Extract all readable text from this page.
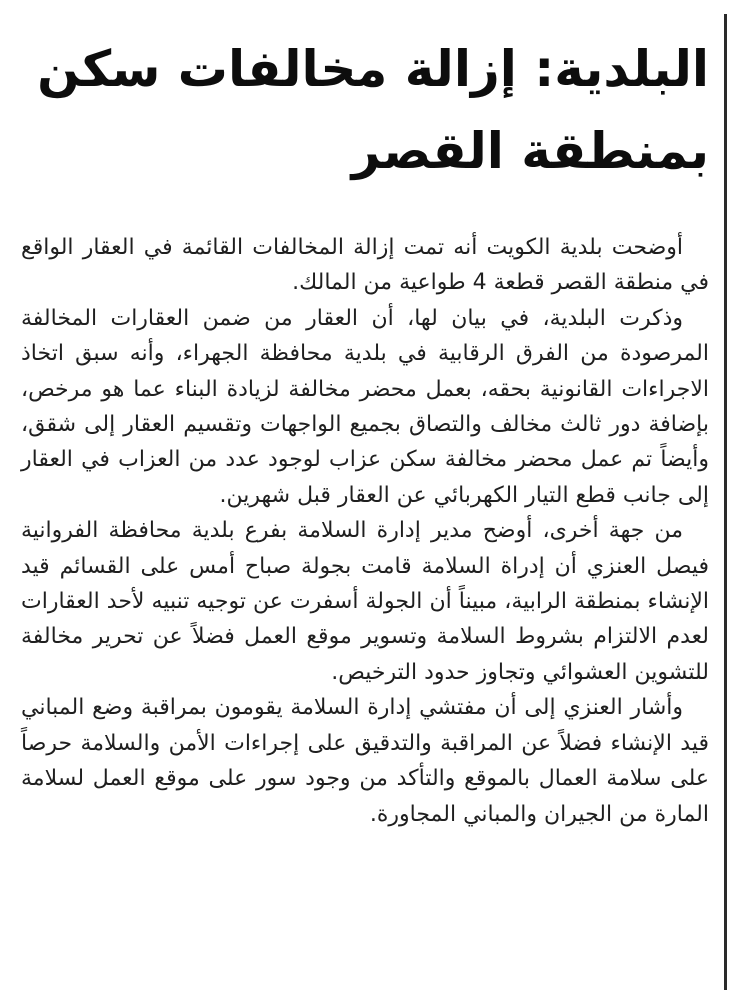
البلدية: إزالة مخالفات سكن بمنطقة القصر

أوضحت بلدية الكويت أنه تمت إزالة المخالفات القائمة في العقار الواقع في منطقة القصر قطعة 4 طواعية من المالك.

وذكرت البلدية، في بيان لها، أن العقار من ضمن العقارات المخالفة المرصودة من الفرق الرقابية في بلدية محافظة الجهراء، وأنه سبق اتخاذ الاجراءات القانونية بحقه، بعمل محضر مخالفة لزيادة البناء عما هو مرخص، بإضافة دور ثالث مخالف والتصاق بجميع الواجهات وتقسيم العقار إلى شقق، وأيضاً تم عمل محضر مخالفة سكن عزاب لوجود عدد من العزاب في العقار إلى جانب قطع التيار الكهربائي عن العقار قبل شهرين.

من جهة أخرى، أوضح مدير إدارة السلامة بفرع بلدية محافظة الفروانية فيصل العنزي أن إدراة السلامة قامت بجولة صباح أمس على القسائم قيد الإنشاء بمنطقة الرابية، مبيناً أن الجولة أسفرت عن توجيه تنبيه لأحد العقارات لعدم الالتزام بشروط السلامة وتسوير موقع العمل فضلاً عن تحرير مخالفة للتشوين العشوائي وتجاوز حدود الترخيص.

وأشار العنزي إلى أن مفتشي إدارة السلامة يقومون بمراقبة وضع المباني قيد الإنشاء فضلاً عن المراقبة والتدقيق على إجراءات الأمن والسلامة حرصاً على سلامة العمال بالموقع والتأكد من وجود سور على موقع العمل لسلامة المارة من الجيران والمباني المجاورة.
